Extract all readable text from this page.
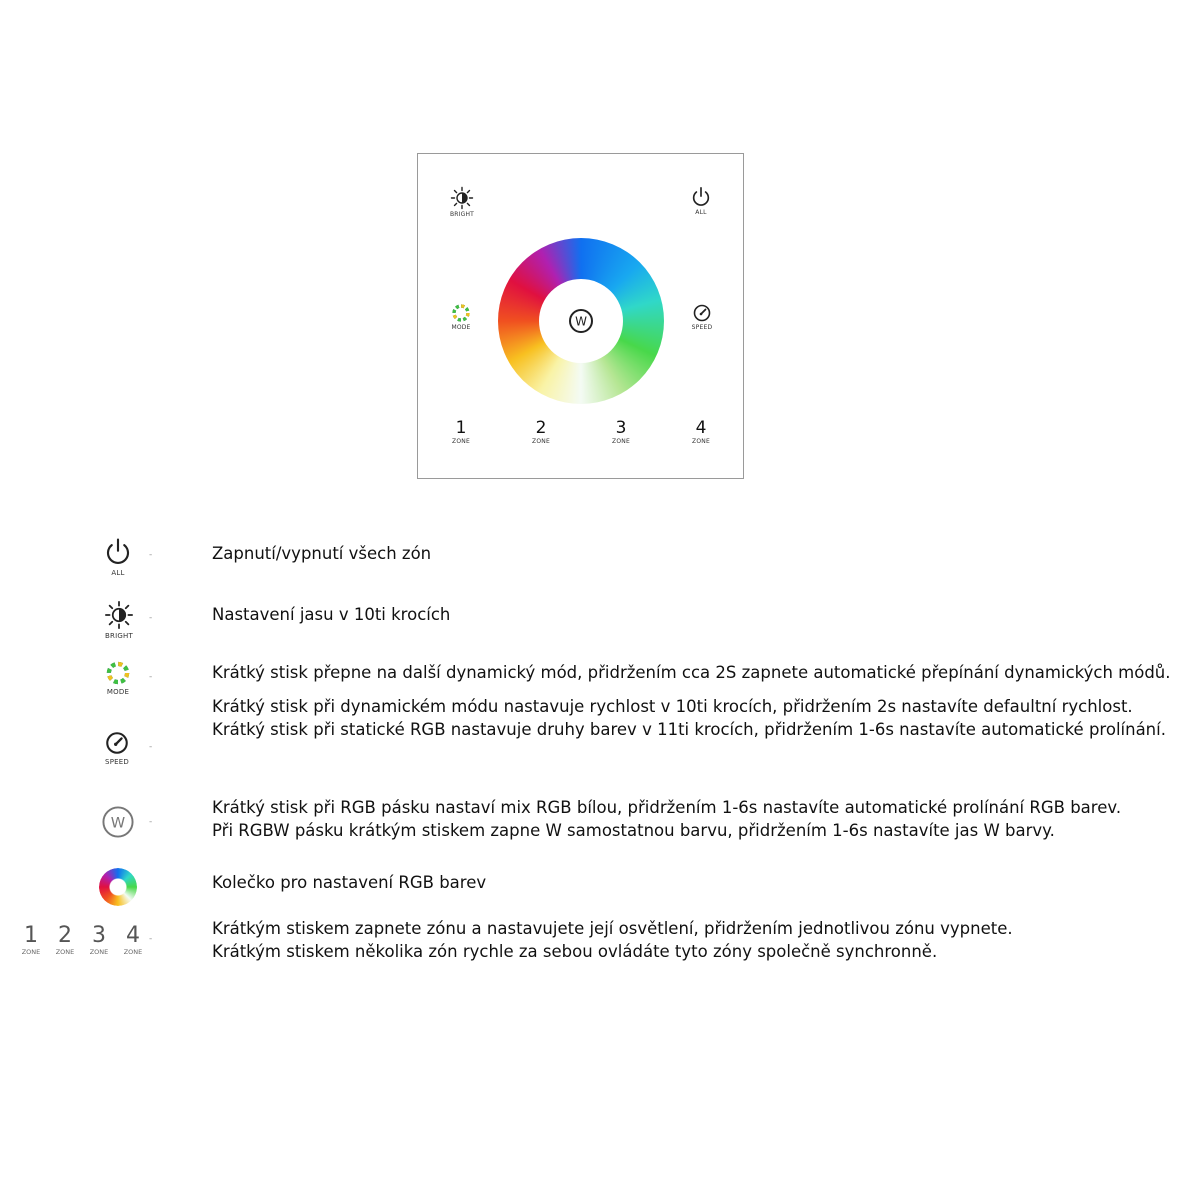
BRIGHT	ALL
MODE	SPEED
W
1
ZONE
2
ZONE
3
ZONE
4
ZONE
ALL
-	Zapnutí/vypnutí všech zón
BRIGHT
-	Nastavení jasu v 10ti krocích
MODE
-	Krátký stisk přepne na další dynamický mód, přidržením cca 2S zapnete automatické přepínání dynamických módů.
SPEED
-
Krátký stisk při dynamickém módu nastavuje rychlost v 10ti krocích, přidržením 2s nastavíte defaultní rychlost.
Krátký stisk při statické RGB nastavuje druhy barev v 11ti krocích, přidržením 1-6s nastavíte automatické prolínání.
W	-
Krátký stisk při RGB pásku nastaví mix RGB bílou, přidržením 1-6s nastavíte automatické prolínání RGB barev.
Při RGBW pásku krátkým stiskem zapne W samostatnou barvu, přidržením 1-6s nastavíte jas W barvy.
Kolečko pro nastavení RGB barev
1
ZONE
2
ZONE
3
ZONE
4
ZONE
-
Krátkým stiskem zapnete zónu a nastavujete její osvětlení, přidržením jednotlivou zónu vypnete.
Krátkým stiskem několika zón rychle za sebou ovládáte tyto zóny společně synchronně.
